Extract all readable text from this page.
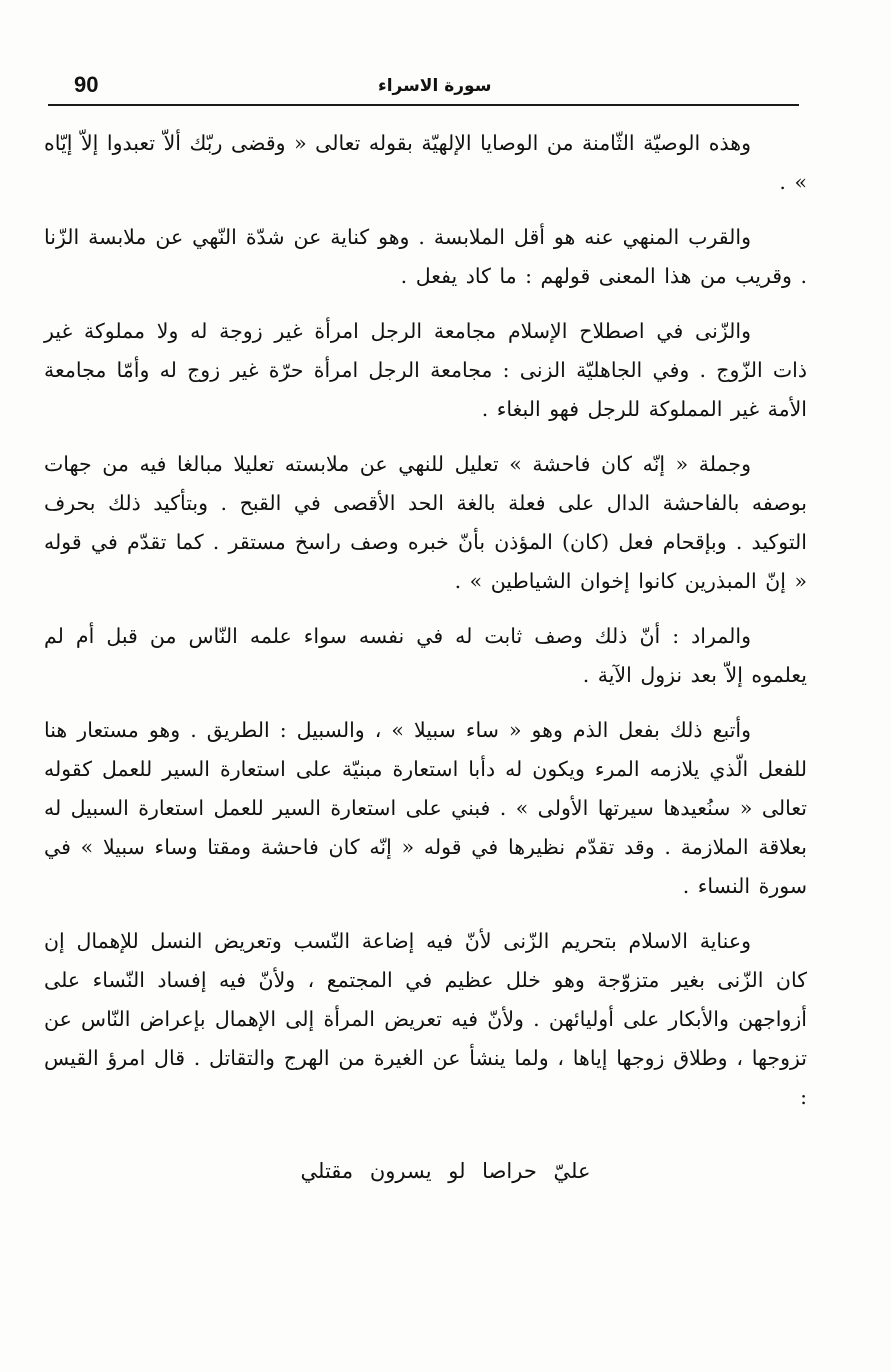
90	سورة الاسراء

وهذه الوصيّة الثّامنة من الوصايا الإلهيّة بقوله تعالى « وقضى ربّك ألاّ تعبدوا إلاّ إيّاه » .

والقرب المنهي عنه هو أقل الملابسة . وهو كناية عن شدّة النّهي عن ملابسة الزّنا . وقريب من هذا المعنى قولهم : ما كاد يفعل .

والزّنى في اصطلاح الإسلام مجامعة الرجل امرأة غير زوجة له ولا مملوكة غير ذات الزّوج . وفي الجاهليّة الزنى : مجامعة الرجل امرأة حرّة غير زوج له وأمّا مجامعة الأمة غير المملوكة للرجل فهو البغاء .

وجملة « إنّه كان فاحشة » تعليل للنهي عن ملابسته تعليلا مبالغا فيه من جهات بوصفه بالفاحشة الدال على فعلة بالغة الحد الأقصى في القبح . وبتأكيد ذلك بحرف التوكيد . وبإقحام فعل (كان) المؤذن بأنّ خبره وصف راسخ مستقر . كما تقدّم في قوله « إنّ المبذرين كانوا إخوان الشياطين » .

والمراد : أنّ ذلك وصف ثابت له في نفسه سواء علمه النّاس من قبل أم لم يعلموه إلاّ بعد نزول الآية .

وأتبع ذلك بفعل الذم وهو « ساء سبيلا » ، والسبيل : الطريق . وهو مستعار هنا للفعل الّذي يلازمه المرء ويكون له دأبا استعارة مبنيّة على استعارة السير للعمل كقوله تعالى « سنُعيدها سيرتها الأولى » . فبني على استعارة السير للعمل استعارة السبيل له بعلاقة الملازمة . وقد تقدّم نظيرها في قوله « إنّه كان فاحشة ومقتا وساء سبيلا » في سورة النساء .

وعناية الاسلام بتحريم الزّنى لأنّ فيه إضاعة النّسب وتعريض النسل للإهمال إن كان الزّنى بغير متزوّجة وهو خلل عظيم في المجتمع ، ولأنّ فيه إفساد النّساء على أزواجهن والأبكار على أوليائهن . ولأنّ فيه تعريض المرأة إلى الإهمال بإعراض النّاس عن تزوجها ، وطلاق زوجها إياها ، ولما ينشأ عن الغيرة من الهرج والتقاتل . قال امرؤ القيس :

عليّ حراصا لو يسرون مقتلي
